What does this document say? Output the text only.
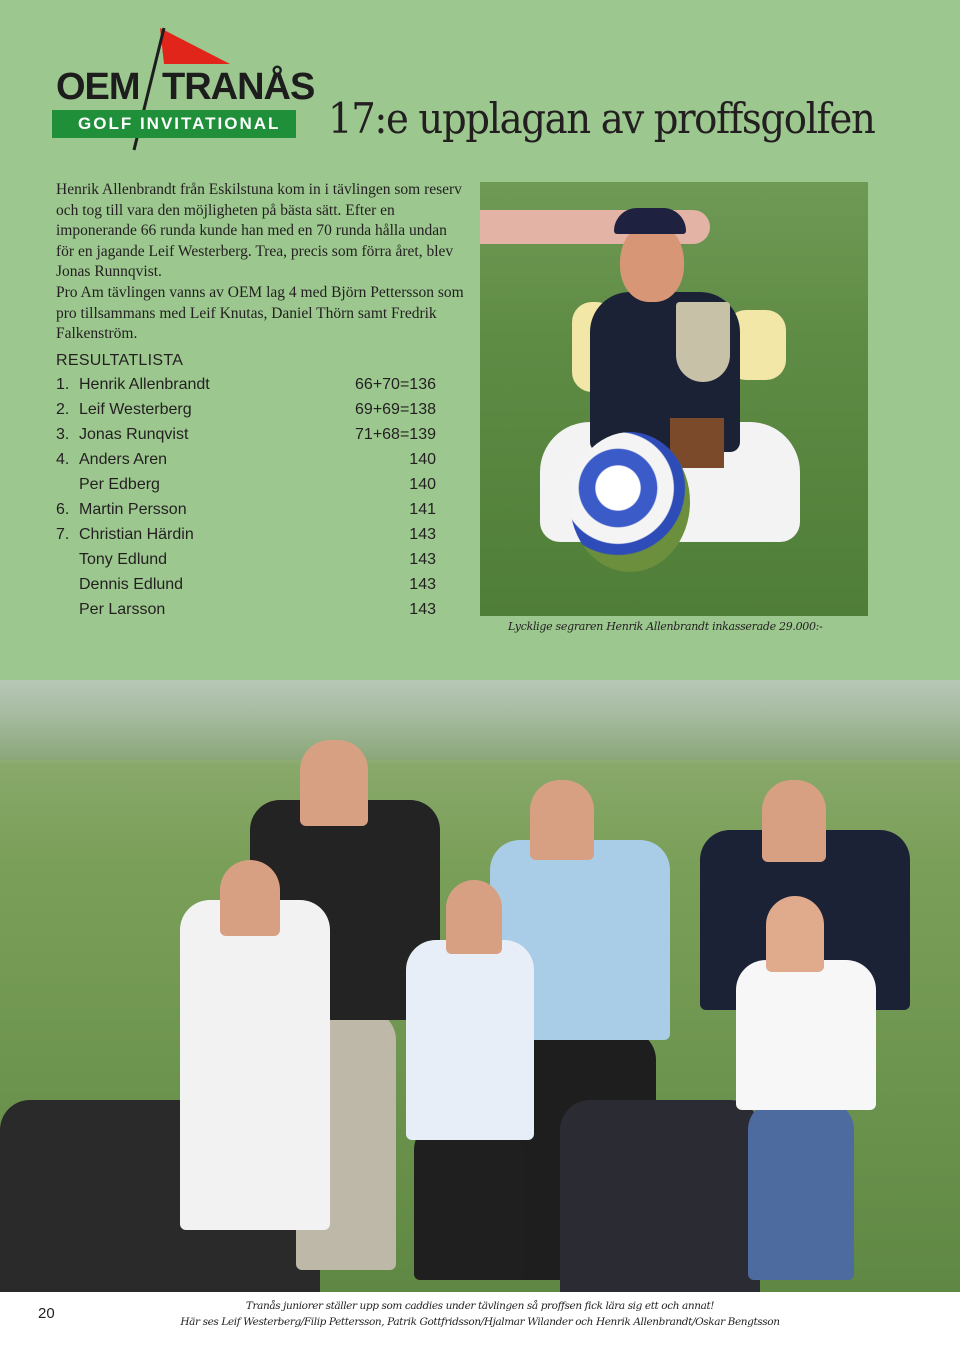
OEM TRANÅS
GOLF INVITATIONAL 17:e upplagan av proffsgolfen

Henrik Allenbrandt från Eskilstuna kom in i tävlingen som reserv och tog till vara den möjligheten på bästa sätt. Efter en imponerande 66 runda kunde han med en 70 runda hålla undan för en jagande Leif Westerberg. Trea, precis som förra året, blev Jonas Runnqvist.

Pro Am tävlingen vanns av OEM lag 4 med Björn Pettersson som pro tillsammans med Leif Knutas, Daniel Thörn samt Fredrik Falkenström.

RESULTATLISTA
1. Henrik Allenbrandt	66+70=136
2. Leif Westerberg	69+69=138
3. Jonas Runqvist	71+68=139
4. Anders Aren	140
Per Edberg	140
6. Martin Persson	141
7. Christian Härdin	143
Tony Edlund	143
Dennis Edlund	143
Per Larsson	143
Lycklige segraren Henrik Allenbrandt inkasserade 29.000:-
20	Tranås juniorer ställer upp som caddies under tävlingen så proffsen fick lära sig ett och annat!
Här ses Leif Westerberg/Filip Pettersson, Patrik Gottfridsson/Hjalmar Wilander och Henrik Allenbrandt/Oskar Bengtsson
